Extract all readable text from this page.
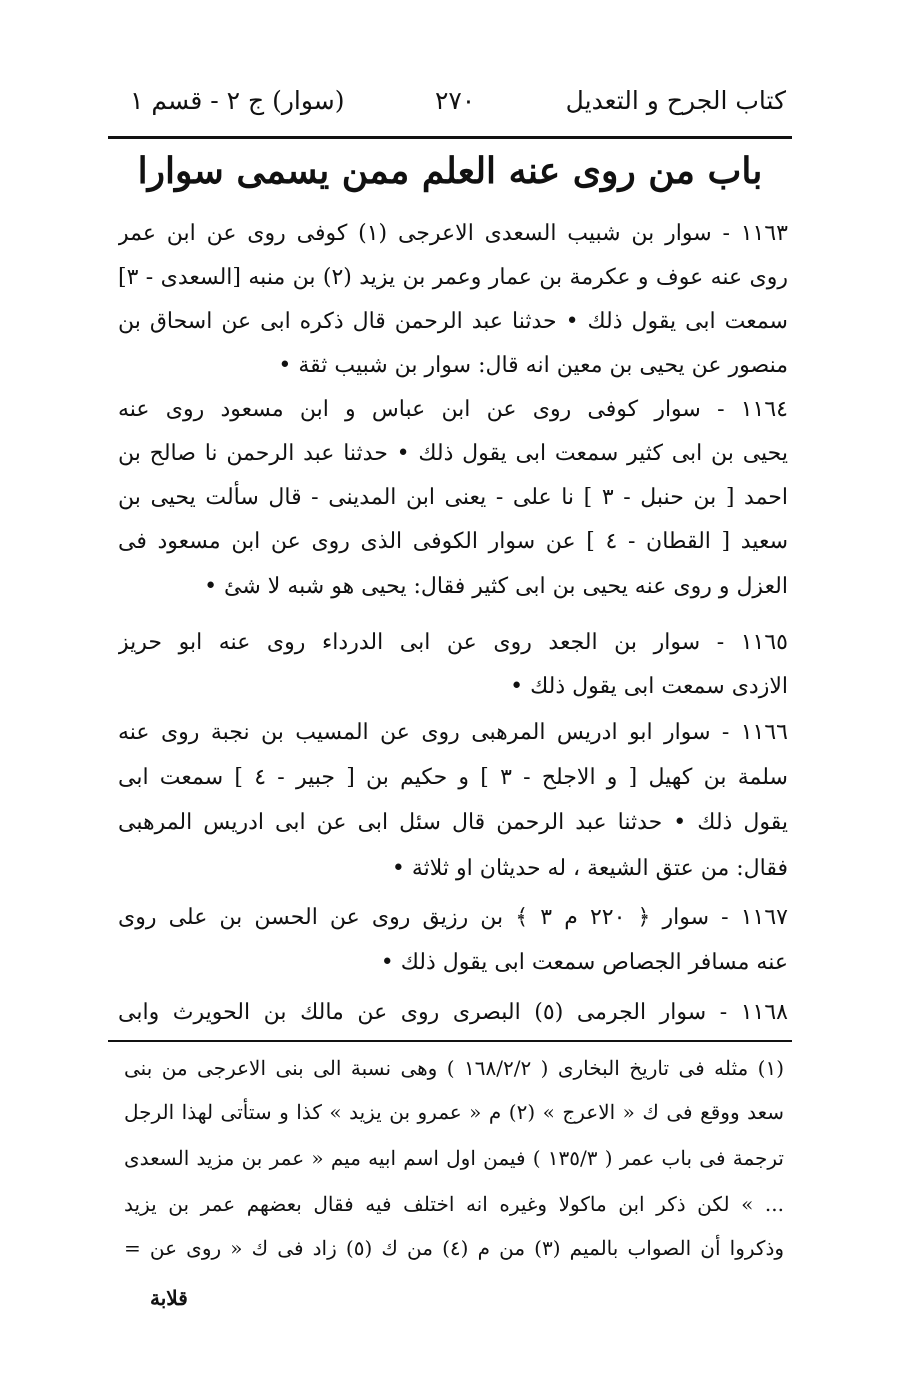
كتاب الجرح و التعديل
٢٧٠
(سوار) ج ٢ - قسم ١
باب من روى عنه العلم ممن يسمى سوارا
١١٦٣ - سوار بن شبيب السعدى الاعرجى (١) كوفى روى عن ابن عمر
روى عنه عوف و عكرمة بن عمار وعمر بن يزيد (٢) بن منبه [السعدى - ٣]
سمعت ابى يقول ذلك • حدثنا عبد الرحمن قال ذكره ابى عن اسحاق بن
منصور عن يحيى بن معين انه قال: سوار بن شبيب ثقة •
١١٦٤ - سوار كوفى روى عن ابن عباس و ابن مسعود روى عنه
يحيى بن ابى كثير سمعت ابى يقول ذلك • حدثنا عبد الرحمن نا صالح بن
احمد [ بن حنبل - ٣ ] نا على - يعنى ابن المدينى - قال سألت يحيى بن
سعيد [ القطان - ٤ ] عن سوار الكوفى الذى روى عن ابن مسعود فى
العزل و روى عنه يحيى بن ابى كثير فقال: يحيى هو شبه لا شئ •
١١٦٥ - سوار بن الجعد روى عن ابى الدرداء روى عنه ابو حريز
الازدى سمعت ابى يقول ذلك •
١١٦٦ - سوار ابو ادريس المرهبى روى عن المسيب بن نجبة روى عنه
سلمة بن كهيل [ و الاجلح - ٣ ] و حكيم بن [ جبير - ٤ ] سمعت ابى
يقول ذلك • حدثنا عبد الرحمن قال سئل ابى عن ابى ادريس المرهبى
فقال: من عتق الشيعة ، له حديثان او ثلاثة •
١١٦٧ - سوار ﴿ ٢٢٠ م ٣ ﴾ بن رزيق روى عن الحسن بن على روى
عنه مسافر الجصاص سمعت ابى يقول ذلك •
١١٦٨ - سوار الجرمى (٥) البصرى روى عن مالك بن الحويرث وابى
(١) مثله فى تاريخ البخارى ( ١٦٨/٢/٢ ) وهى نسبة الى بنى الاعرجى من بنى
سعد ووقع فى ك « الاعرج » (٢) م « عمرو بن يزيد » كذا و ستأتى لهذا الرجل
ترجمة فى باب عمر ( ١٣٥/٣ ) فيمن اول اسم ابيه ميم « عمر بن مزيد السعدى
... » لكن ذكر ابن ماكولا وغيره انه اختلف فيه فقال بعضهم عمر بن يزيد
وذكروا أن الصواب بالميم (٣) من م (٤) من ك (٥) زاد فى ك « روى عن =
قلابة
